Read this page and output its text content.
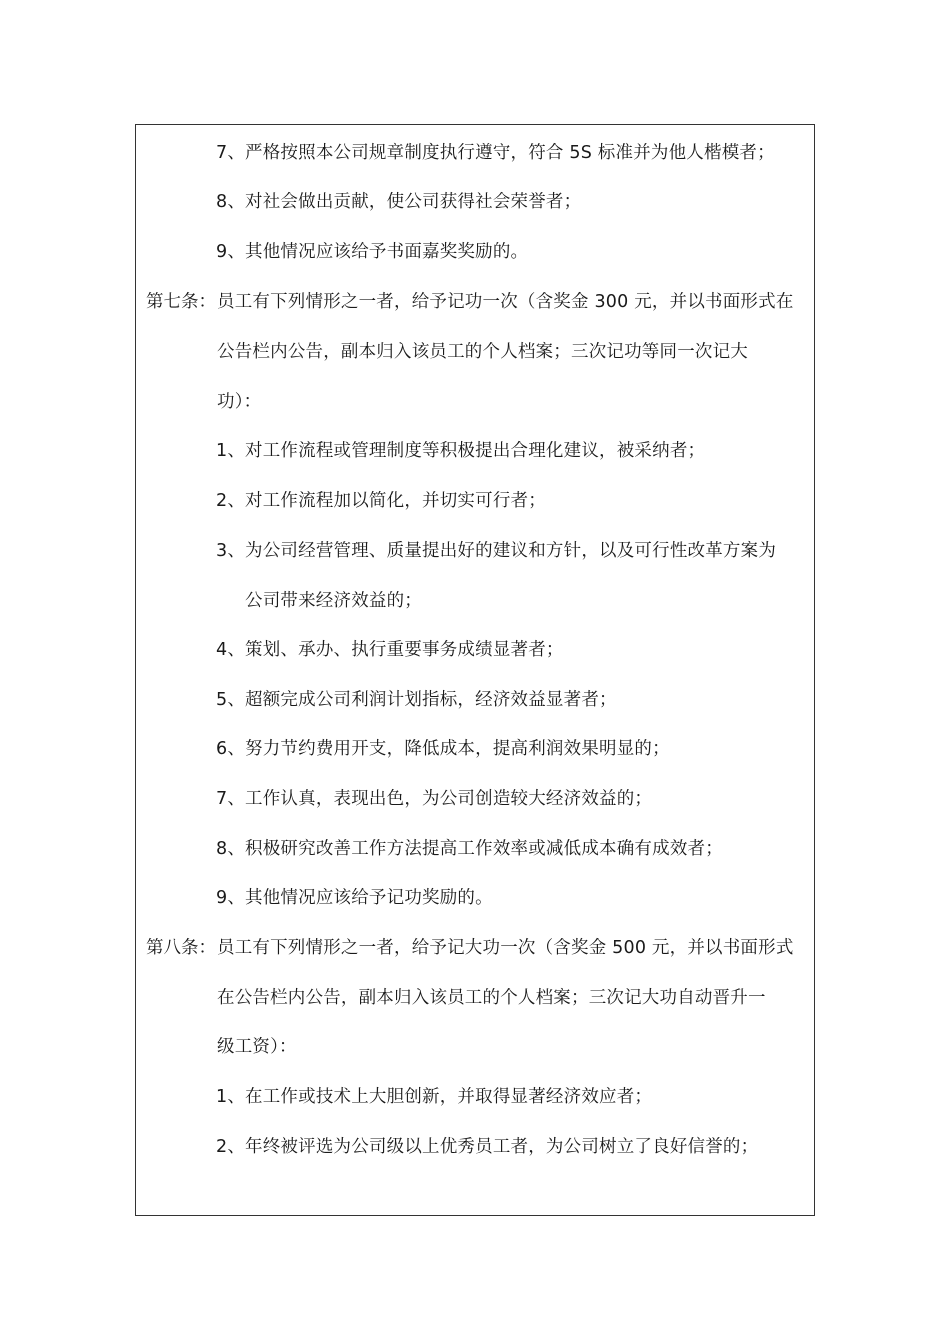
7、严格按照本公司规章制度执行遵守，符合 5S 标准并为他人楷模者；
8、对社会做出贡献，使公司获得社会荣誉者；
9、其他情况应该给予书面嘉奖奖励的。
第七条： 员工有下列情形之一者，给予记功一次（含奖金 300 元，并以书面形式在
公告栏内公告，副本归入该员工的个人档案；三次记功等同一次记大
功）：
1、对工作流程或管理制度等积极提出合理化建议，被采纳者；
2、对工作流程加以简化，并切实可行者；
3、为公司经营管理、质量提出好的建议和方针，以及可行性改革方案为
公司带来经济效益的；
4、策划、承办、执行重要事务成绩显著者；
5、超额完成公司利润计划指标，经济效益显著者；
6、努力节约费用开支，降低成本，提高利润效果明显的；
7、工作认真，表现出色，为公司创造较大经济效益的；
8、积极研究改善工作方法提高工作效率或减低成本确有成效者；
9、其他情况应该给予记功奖励的。
第八条： 员工有下列情形之一者，给予记大功一次（含奖金 500 元，并以书面形式
在公告栏内公告，副本归入该员工的个人档案；三次记大功自动晋升一
级工资）：
1、在工作或技术上大胆创新，并取得显著经济效应者；
2、年终被评选为公司级以上优秀员工者，为公司树立了良好信誉的；
